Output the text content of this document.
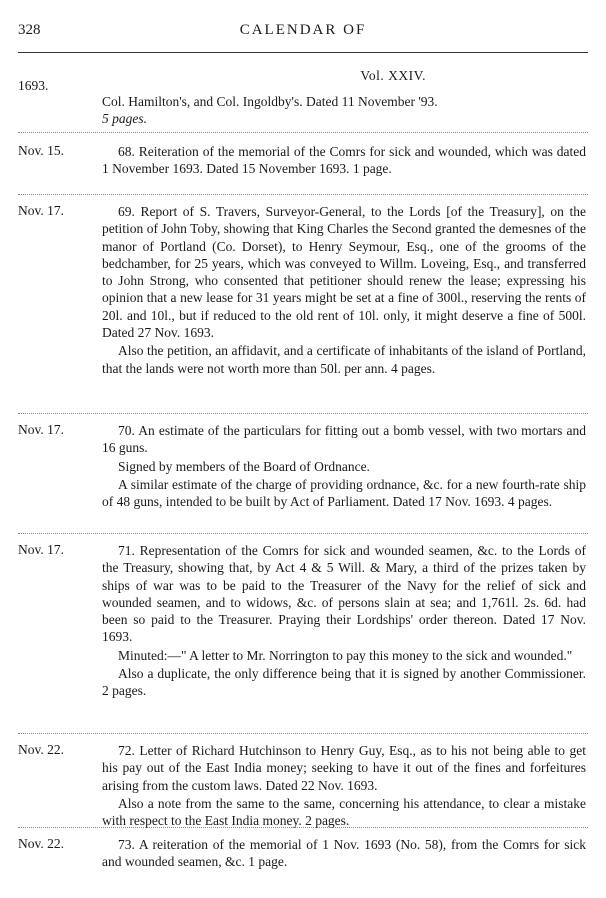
328	CALENDAR OF
Vol. XXIV.
1693.
Col. Hamilton's, and Col. Ingoldby's. Dated 11 November '93.
5 pages.
Nov. 15.	68. Reiteration of the memorial of the Comrs for sick and wounded, which was dated 1 November 1693. Dated 15 November 1693. 1 page.

Nov. 17.	69. Report of S. Travers, Surveyor-General, to the Lords [of the Treasury], on the petition of John Toby, showing that King Charles the Second granted the demesnes of the manor of Portland (Co. Dorset), to Henry Seymour, Esq., one of the grooms of the bedchamber, for 25 years, which was conveyed to Willm. Loveing, Esq., and transferred to John Strong, who consented that petitioner should renew the lease; expressing his opinion that a new lease for 31 years might be set at a fine of 300l., reserving the rents of 20l. and 10l., but if reduced to the old rent of 10l. only, it might deserve a fine of 500l. Dated 27 Nov. 1693.

Also the petition, an affidavit, and a certificate of inhabitants of the island of Portland, that the lands were not worth more than 50l. per ann. 4 pages.

Nov. 17.	70. An estimate of the particulars for fitting out a bomb vessel, with two mortars and 16 guns.

Signed by members of the Board of Ordnance.

A similar estimate of the charge of providing ordnance, &c. for a new fourth-rate ship of 48 guns, intended to be built by Act of Parliament. Dated 17 Nov. 1693. 4 pages.

Nov. 17.	71. Representation of the Comrs for sick and wounded seamen, &c. to the Lords of the Treasury, showing that, by Act 4 & 5 Will. & Mary, a third of the prizes taken by ships of war was to be paid to the Treasurer of the Navy for the relief of sick and wounded seamen, and to widows, &c. of persons slain at sea; and 1,761l. 2s. 6d. had been so paid to the Treasurer. Praying their Lordships' order thereon. Dated 17 Nov. 1693.

Minuted:—" A letter to Mr. Norrington to pay this money to the sick and wounded."

Also a duplicate, the only difference being that it is signed by another Commissioner. 2 pages.

Nov. 22.	72. Letter of Richard Hutchinson to Henry Guy, Esq., as to his not being able to get his pay out of the East India money; seeking to have it out of the fines and forfeitures arising from the custom laws. Dated 22 Nov. 1693.

Also a note from the same to the same, concerning his attendance, to clear a mistake with respect to the East India money. 2 pages.

Nov. 22.	73. A reiteration of the memorial of 1 Nov. 1693 (No. 58), from the Comrs for sick and wounded seamen, &c. 1 page.
